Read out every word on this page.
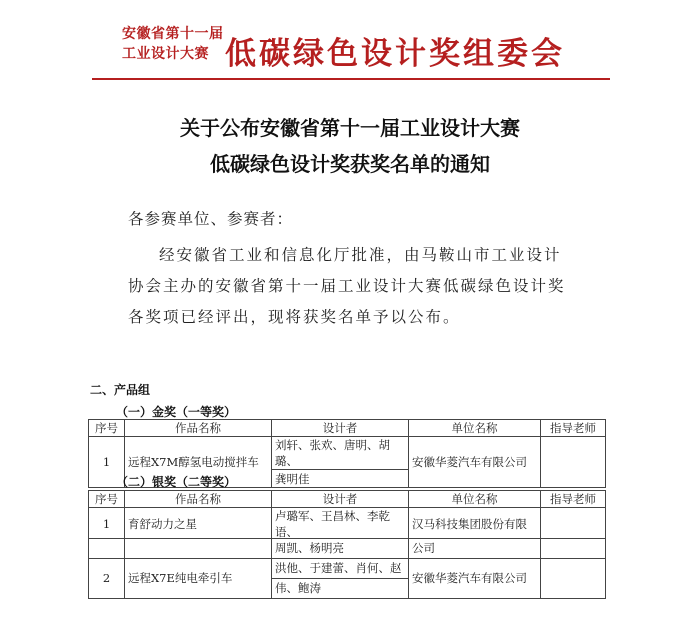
安徽省第十一届
工业设计大赛 低碳绿色设计奖组委会
关于公布安徽省第十一届工业设计大赛
低碳绿色设计奖获奖名单的通知
各参赛单位、参赛者：
经安徽省工业和信息化厅批准，由马鞍山市工业设计协会主办的安徽省第十一届工业设计大赛低碳绿色设计奖各奖项已经评出，现将获奖名单予以公布。
二、产品组
（一）金奖（一等奖）
序号	作品名称	设计者	单位名称	指导老师
1	远程X7M醇氢电动搅拌车	刘轩、张欢、唐明、胡璐、	安徽华菱汽车有限公司	
		龚明佳		
（二）银奖（二等奖）
序号	作品名称	设计者	单位名称	指导老师
1	育舒动力之星	卢璐军、王昌林、李乾语、	汉马科技集团股份有限	
		周凯、杨明亮	公司	
2	远程X7E纯电牵引车	洪他、于建蕾、肖何、赵	安徽华菱汽车有限公司	
		伟、鲍涛		
